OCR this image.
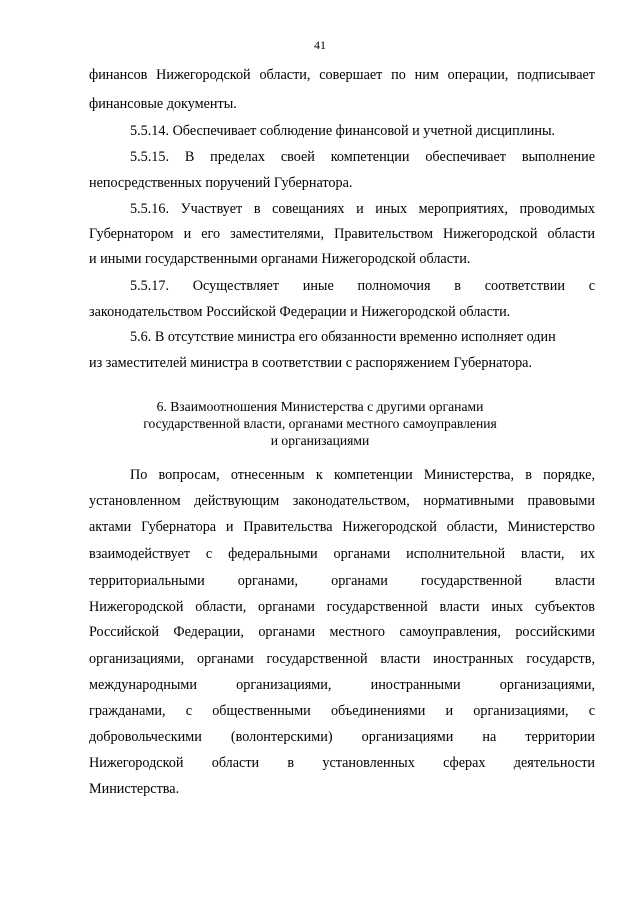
41
финансов Нижегородской области, совершает по ним операции, подписывает
финансовые документы.
5.5.14. Обеспечивает соблюдение финансовой и учетной дисциплины.
5.5.15. В пределах своей компетенции обеспечивает выполнение
непосредственных поручений Губернатора.
5.5.16. Участвует в совещаниях и иных мероприятиях, проводимых
Губернатором и его заместителями, Правительством Нижегородской области
и иными государственными органами Нижегородской области.
5.5.17. Осуществляет иные полномочия в соответствии с
законодательством Российской Федерации и Нижегородской области.
5.6. В отсутствие министра его обязанности временно исполняет один
из заместителей министра в соответствии с распоряжением Губернатора.
6. Взаимоотношения Министерства с другими органами
государственной власти, органами местного самоуправления
и организациями
По вопросам, отнесенным к компетенции Министерства, в порядке,
установленном действующим законодательством, нормативными правовыми
актами Губернатора и Правительства Нижегородской области, Министерство
взаимодействует с федеральными органами исполнительной власти, их
территориальными органами, органами государственной власти
Нижегородской области, органами государственной власти иных субъектов
Российской Федерации, органами местного самоуправления, российскими
организациями, органами государственной власти иностранных государств,
международными организациями, иностранными организациями,
гражданами, с общественными объединениями и организациями, с
добровольческими (волонтерскими) организациями на территории
Нижегородской области в установленных сферах деятельности
Министерства.
